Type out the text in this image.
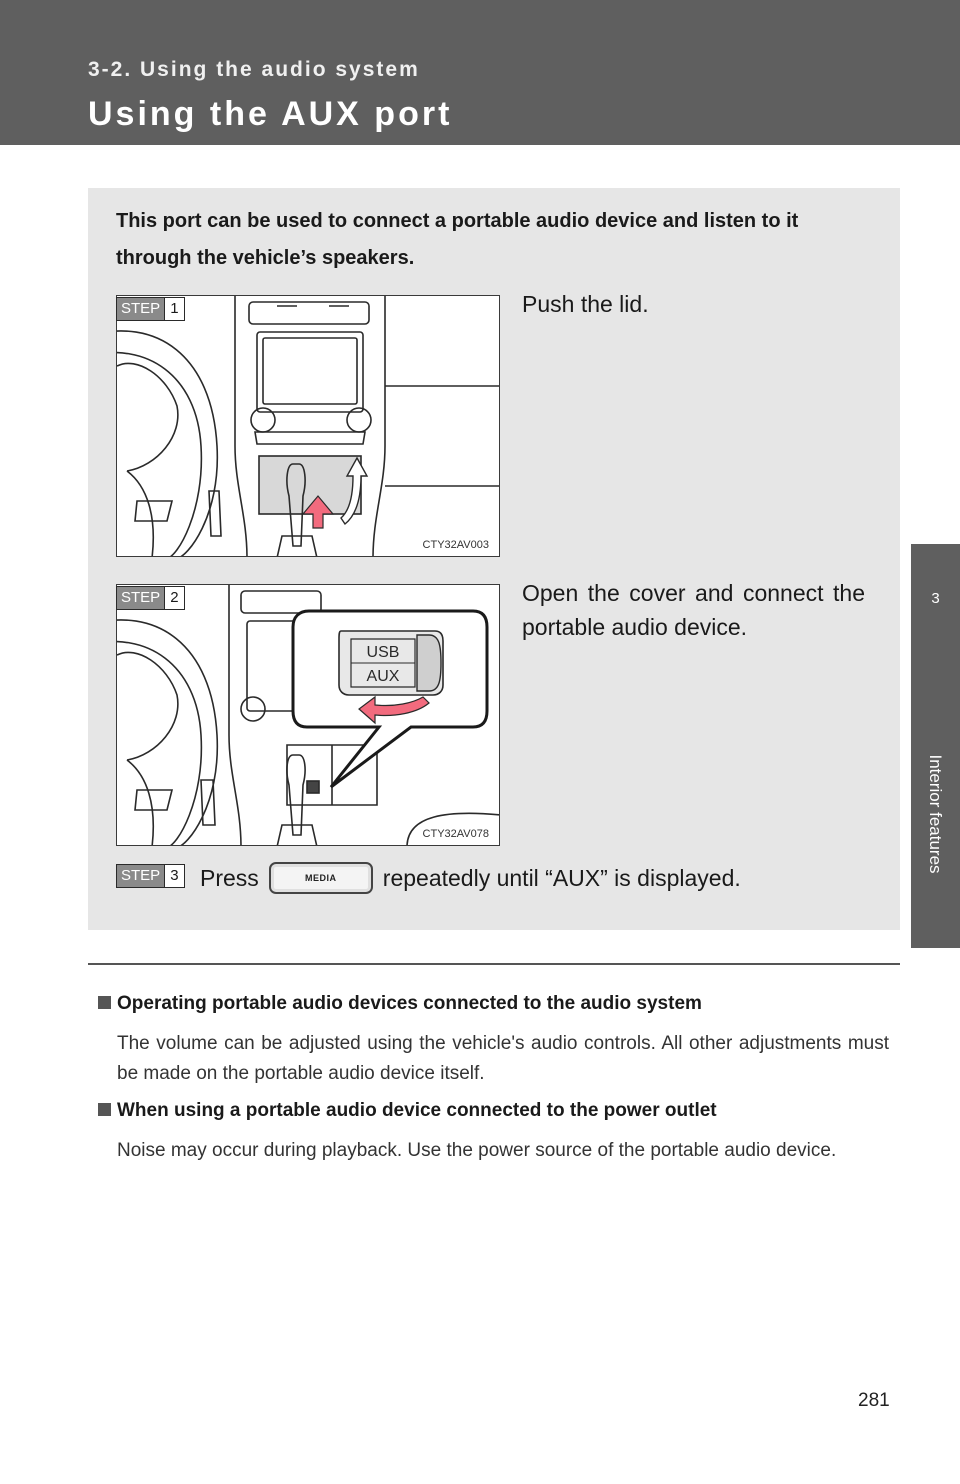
3-2. Using the audio system
Using the AUX port
3
Interior features
This port can be used to connect a portable audio device and listen to it through the vehicle’s speakers.
CTY32AV003
STEP 1	Push the lid.
USB
AUX
CTY32AV078
STEP 2	Open the cover and connect the portable audio device.
STEP 3 Press	MEDIA	repeatedly until “AUX” is displayed.
Operating portable audio devices connected to the audio system
The volume can be adjusted using the vehicle's audio controls. All other adjustments must be made on the portable audio device itself.
When using a portable audio device connected to the power outlet
Noise may occur during playback. Use the power source of the portable audio device.
281
